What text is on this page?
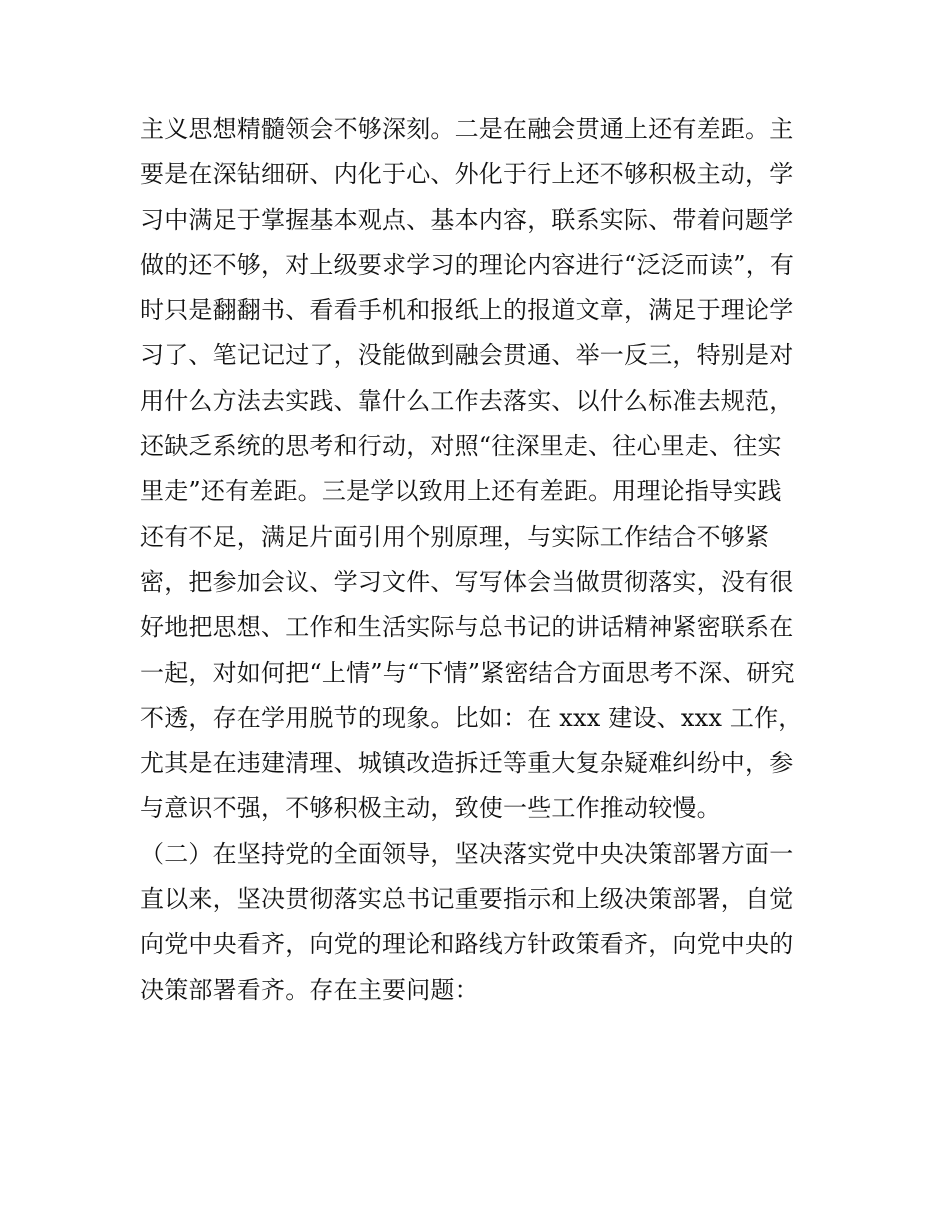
主义思想精髓领会不够深刻。二是在融会贯通上还有差距。主
要是在深钻细研、内化于心、外化于行上还不够积极主动，学
习中满足于掌握基本观点、基本内容，联系实际、带着问题学
做的还不够，对上级要求学习的理论内容进行“泛泛而读”，有
时只是翻翻书、看看手机和报纸上的报道文章，满足于理论学
习了、笔记记过了，没能做到融会贯通、举一反三，特别是对
用什么方法去实践、靠什么工作去落实、以什么标准去规范，
还缺乏系统的思考和行动，对照“往深里走、往心里走、往实
里走”还有差距。三是学以致用上还有差距。用理论指导实践
还有不足，满足片面引用个别原理，与实际工作结合不够紧
密，把参加会议、学习文件、写写体会当做贯彻落实，没有很
好地把思想、工作和生活实际与总书记的讲话精神紧密联系在
一起，对如何把“上情”与“下情”紧密结合方面思考不深、研究
不透，存在学用脱节的现象。比如：在 xxx 建设、xxx 工作，
尤其是在违建清理、城镇改造拆迁等重大复杂疑难纠纷中，参
与意识不强，不够积极主动，致使一些工作推动较慢。
（二）在坚持党的全面领导，坚决落实党中央决策部署方面一
直以来，坚决贯彻落实总书记重要指示和上级决策部署，自觉
向党中央看齐，向党的理论和路线方针政策看齐，向党中央的
决策部署看齐。存在主要问题：
